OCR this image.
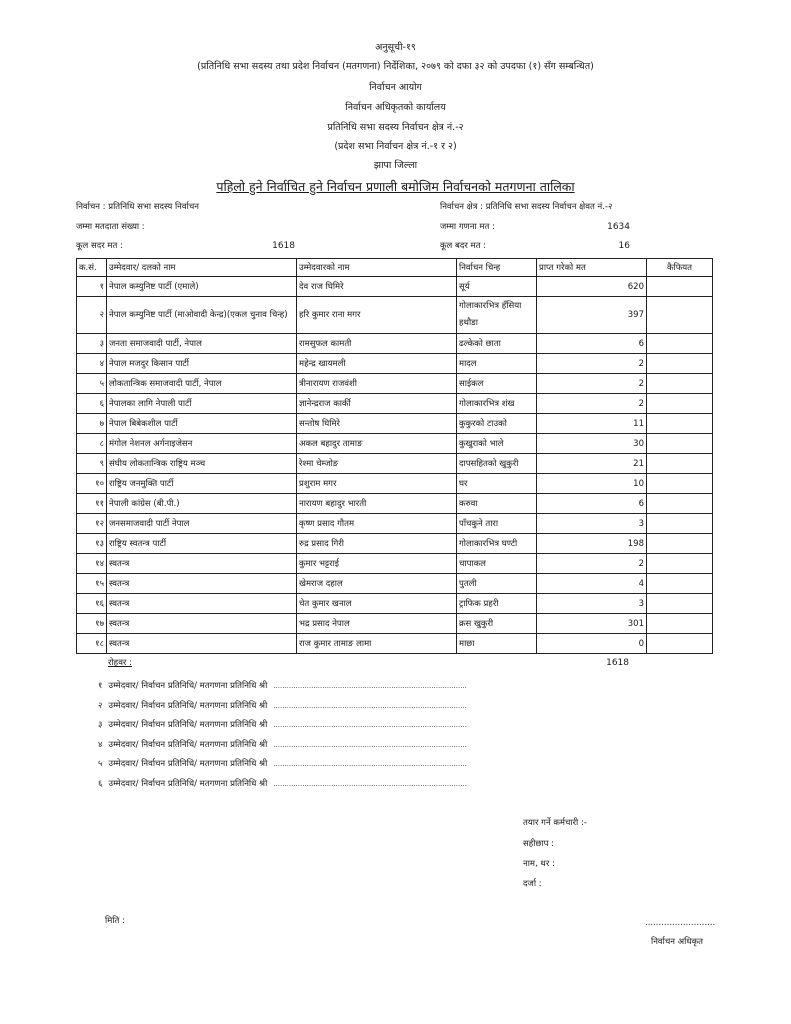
अनुसूची-१९
(प्रतिनिधि सभा सदस्य तथा प्रदेश निर्वाचन (मतगणना) निर्देशिका, २०७९ को दफा ३२ को उपदफा (१) सँग सम्बन्धित)
निर्वाचन आयोग
निर्वाचन अधिकृतको कार्यालय
प्रतिनिधि सभा सदस्य निर्वाचन क्षेत्र नं.-२
(प्रदेश सभा निर्वाचन क्षेत्र नं.-१ र २)
झापा जिल्ला
पहिलो हुने निर्वाचित हुने निर्वाचन प्रणाली बमोजिम निर्वाचनको मतगणना तालिका
निर्वाचन : प्रतिनिधि सभा सदस्य निर्वाचन	निर्वाचन क्षेत्र : प्रतिनिधि सभा सदस्य निर्वाचन क्षेवत नं.-२
जम्मा मतदाता संख्या :	जम्मा गणना मत :	1634
कूल सदर मत :	1618	कूल बदर मत :	16
क.सं.	उम्मेदवार/ दलको नाम	उम्मेदवारको नाम	निर्वाचन चिन्ह	प्राप्त गरेको मत	कैफियत
१	नेपाल कम्युनिष्ट पार्टी (एमाले)	देव राज घिमिरे	सूर्य	620	
२	नेपाल कम्युनिष्ट पार्टी (माओवादी केन्द्र)(एकल चुनाव चिन्ह)	हरि कुमार राना मगर	गोलाकारभित्र हँसिया हथौडा	397	
३	जनता समाजवादी पार्टी, नेपाल	रामसुफल कामती	ढल्केको छाता	6	
४	नेपाल मजदुर किसान पार्टी	महेन्द्र खायमली	मादल	2	
५	लोकतान्त्रिक समाजवादी पार्टी, नेपाल	त्रीनारायण राजवंशी	साईकल	2	
६	नेपालका लागि नेपाली पार्टी	ज्ञानेन्द्रराज कार्की	गोलाकारभित्र शंख	2	
७	नेपाल बिबेकशील पार्टी	सन्तोष घिमिरे	कुकुरको टाउको	11	
८	मंगोल नेशनल अर्गनाइजेसन	अकल बहादुर तामाङ	कुखुराको भाले	30	
९	संघीय लोकतान्त्रिक राष्ट्रिय मञ्च	रेश्मा चेम्जोङ	दापसहितको खुकुरी	21	
१०	राष्ट्रिय जनमुक्ति पार्टी	प्रशुराम मगर	घर	10	
११	नेपाली कांग्रेस (बी.पी.)	नारायण बहादुर भारती	करुवा	6	
१२	जनसमाजवादी पार्टी नेपाल	कृष्ण प्रसाद गौतम	पाँचकुने तारा	3	
१३	राष्ट्रिय स्वतन्त्र पार्टी	रुद्र प्रसाद गिरी	गोलाकारभित्र घण्टी	198	
१४	स्वतन्त्र	कुमार भट्टराई	चापाकल	2	
१५	स्वतन्त्र	खेमराज दहाल	पुतली	4	
१६	स्वतन्त्र	चेत कुमार खनाल	ट्राफिक प्रहरी	3	
१७	स्वतन्त्र	भद्र प्रसाद नेपाल	क्रस खुकुरी	301	
१८	स्वतन्त्र	राज कुमार तामाङ लामा	माछा	0	
रोहवर :	1618
१ उम्मेदवार/ निर्वाचन प्रतिनिधि/ मतगणना प्रतिनिधि श्री .......................................................................................
२ उम्मेदवार/ निर्वाचन प्रतिनिधि/ मतगणना प्रतिनिधि श्री .......................................................................................
३ उम्मेदवार/ निर्वाचन प्रतिनिधि/ मतगणना प्रतिनिधि श्री .......................................................................................
४ उम्मेदवार/ निर्वाचन प्रतिनिधि/ मतगणना प्रतिनिधि श्री .......................................................................................
५ उम्मेदवार/ निर्वाचन प्रतिनिधि/ मतगणना प्रतिनिधि श्री .......................................................................................
६ उम्मेदवार/ निर्वाचन प्रतिनिधि/ मतगणना प्रतिनिधि श्री .......................................................................................
तयार गर्ने कर्मचारी :-
सहीछाप :
नाम, थर :
दर्जा :
मिति :	..........................
निर्वाचन अधिकृत
